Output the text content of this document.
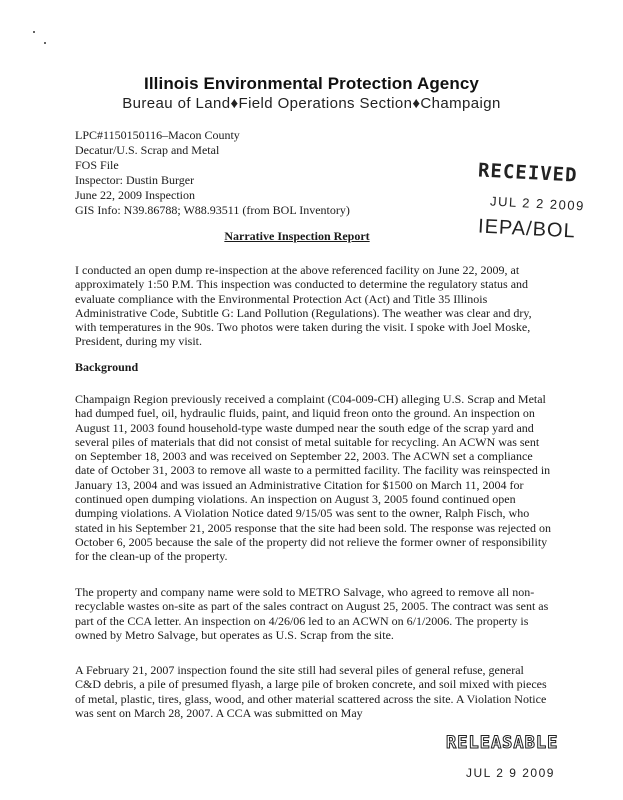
Illinois Environmental Protection Agency
Bureau of Land♦Field Operations Section♦Champaign
LPC#1150150116–Macon County
Decatur/U.S. Scrap and Metal
FOS File
Inspector: Dustin Burger
June 22, 2009 Inspection
GIS Info: N39.86788; W88.93511 (from BOL Inventory)
RECEIVED
JUL 2 2 2009
IEPA/BOL
Narrative Inspection Report
I conducted an open dump re-inspection at the above referenced facility on June 22, 2009, at approximately 1:50 P.M. This inspection was conducted to determine the regulatory status and evaluate compliance with the Environmental Protection Act (Act) and Title 35 Illinois Administrative Code, Subtitle G: Land Pollution (Regulations). The weather was clear and dry, with temperatures in the 90s. Two photos were taken during the visit. I spoke with Joel Moske, President, during my visit.
Background
Champaign Region previously received a complaint (C04-009-CH) alleging U.S. Scrap and Metal had dumped fuel, oil, hydraulic fluids, paint, and liquid freon onto the ground. An inspection on August 11, 2003 found household-type waste dumped near the south edge of the scrap yard and several piles of materials that did not consist of metal suitable for recycling. An ACWN was sent on September 18, 2003 and was received on September 22, 2003. The ACWN set a compliance date of October 31, 2003 to remove all waste to a permitted facility. The facility was reinspected in January 13, 2004 and was issued an Administrative Citation for $1500 on March 11, 2004 for continued open dumping violations. An inspection on August 3, 2005 found continued open dumping violations. A Violation Notice dated 9/15/05 was sent to the owner, Ralph Fisch, who stated in his September 21, 2005 response that the site had been sold. The response was rejected on October 6, 2005 because the sale of the property did not relieve the former owner of responsibility for the clean-up of the property.
The property and company name were sold to METRO Salvage, who agreed to remove all non-recyclable wastes on-site as part of the sales contract on August 25, 2005. The contract was sent as part of the CCA letter. An inspection on 4/26/06 led to an ACWN on 6/1/2006. The property is owned by Metro Salvage, but operates as U.S. Scrap from the site.
A February 21, 2007 inspection found the site still had several piles of general refuse, general C&D debris, a pile of presumed flyash, a large pile of broken concrete, and soil mixed with pieces of metal, plastic, tires, glass, wood, and other material scattered across the site. A Violation Notice was sent on March 28, 2007. A CCA was submitted on May
RELEASABLE
JUL 2 9 2009
